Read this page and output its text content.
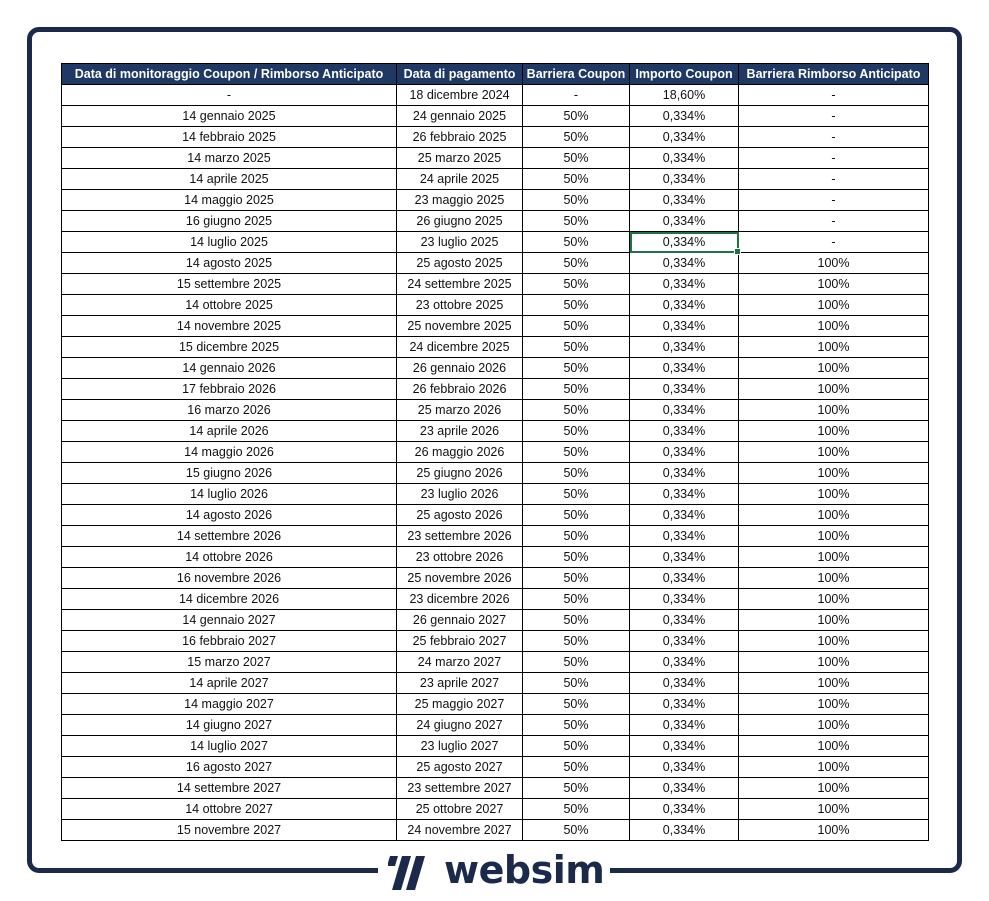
Data di monitoraggio Coupon / Rimborso Anticipato	Data di pagamento	Barriera Coupon	Importo Coupon	Barriera Rimborso Anticipato
-	18 dicembre 2024	-	18,60%	-
14 gennaio 2025	24 gennaio 2025	50%	0,334%	-
14 febbraio 2025	26 febbraio 2025	50%	0,334%	-
14 marzo 2025	25 marzo 2025	50%	0,334%	-
14 aprile 2025	24 aprile 2025	50%	0,334%	-
14 maggio 2025	23 maggio 2025	50%	0,334%	-
16 giugno 2025	26 giugno 2025	50%	0,334%	-
14 luglio 2025	23 luglio 2025	50%	0,334%	-
14 agosto 2025	25 agosto 2025	50%	0,334%	100%
15 settembre 2025	24 settembre 2025	50%	0,334%	100%
14 ottobre 2025	23 ottobre 2025	50%	0,334%	100%
14 novembre 2025	25 novembre 2025	50%	0,334%	100%
15 dicembre 2025	24 dicembre 2025	50%	0,334%	100%
14 gennaio 2026	26 gennaio 2026	50%	0,334%	100%
17 febbraio 2026	26 febbraio 2026	50%	0,334%	100%
16 marzo 2026	25 marzo 2026	50%	0,334%	100%
14 aprile 2026	23 aprile 2026	50%	0,334%	100%
14 maggio 2026	26 maggio 2026	50%	0,334%	100%
15 giugno 2026	25 giugno 2026	50%	0,334%	100%
14 luglio 2026	23 luglio 2026	50%	0,334%	100%
14 agosto 2026	25 agosto 2026	50%	0,334%	100%
14 settembre 2026	23 settembre 2026	50%	0,334%	100%
14 ottobre 2026	23 ottobre 2026	50%	0,334%	100%
16 novembre 2026	25 novembre 2026	50%	0,334%	100%
14 dicembre 2026	23 dicembre 2026	50%	0,334%	100%
14 gennaio 2027	26 gennaio 2027	50%	0,334%	100%
16 febbraio 2027	25 febbraio 2027	50%	0,334%	100%
15 marzo 2027	24 marzo 2027	50%	0,334%	100%
14 aprile 2027	23 aprile 2027	50%	0,334%	100%
14 maggio 2027	25 maggio 2027	50%	0,334%	100%
14 giugno 2027	24 giugno 2027	50%	0,334%	100%
14 luglio 2027	23 luglio 2027	50%	0,334%	100%
16 agosto 2027	25 agosto 2027	50%	0,334%	100%
14 settembre 2027	23 settembre 2027	50%	0,334%	100%
14 ottobre 2027	25 ottobre 2027	50%	0,334%	100%
15 novembre 2027	24 novembre 2027	50%	0,334%	100%
websim
